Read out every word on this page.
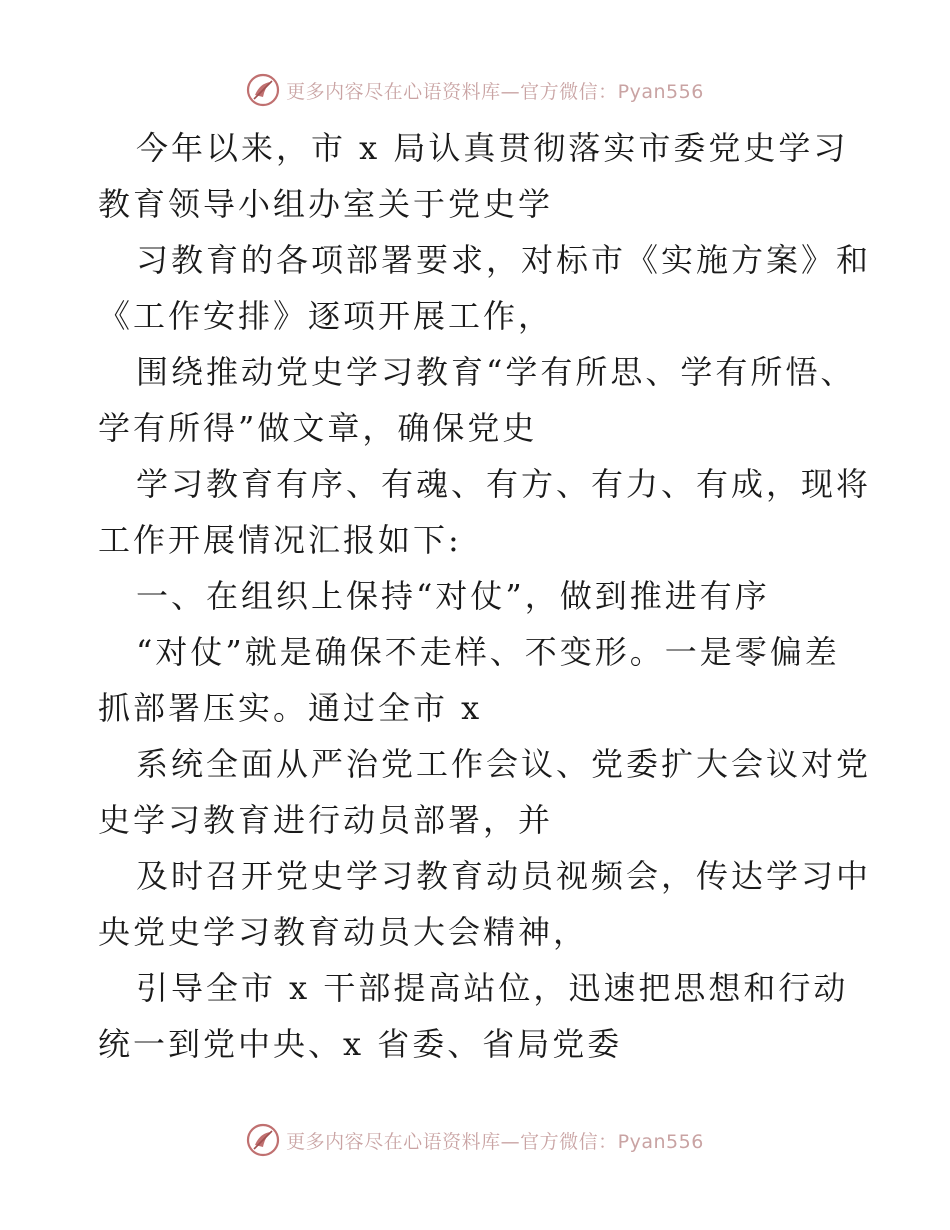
更多内容尽在心语资料库—官方微信：Pyan556
今年以来，市 x 局认真贯彻落实市委党史学习
教育领导小组办室关于党史学
习教育的各项部署要求，对标市《实施方案》和
《工作安排》逐项开展工作，
围绕推动党史学习教育“学有所思、学有所悟、
学有所得”做文章，确保党史
学习教育有序、有魂、有方、有力、有成，现将
工作开展情况汇报如下:
一、在组织上保持“对仗”，做到推进有序
“对仗”就是确保不走样、不变形。一是零偏差
抓部署压实。通过全市 x
系统全面从严治党工作会议、党委扩大会议对党
史学习教育进行动员部署，并
及时召开党史学习教育动员视频会，传达学习中
央党史学习教育动员大会精神，
引导全市 x 干部提高站位，迅速把思想和行动
统一到党中央、x 省委、省局党委
更多内容尽在心语资料库—官方微信：Pyan556
